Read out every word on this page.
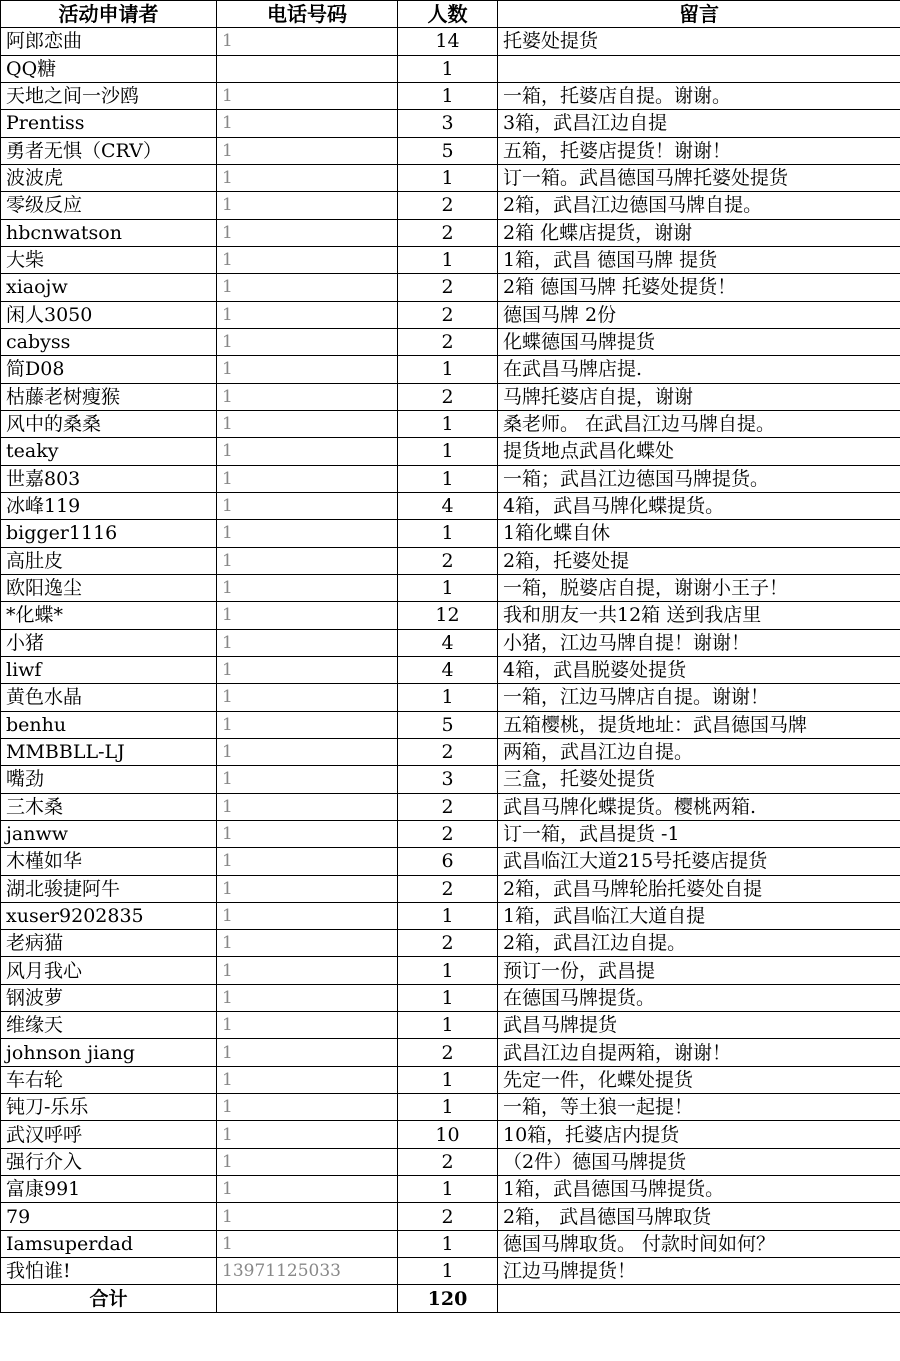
活动申请者	电话号码	人数	留言
阿郎恋曲	1	14	托婆处提货
QQ糖		1	
天地之间一沙鸥	1	1	一箱，托婆店自提。谢谢。
Prentiss	1	3	3箱，武昌江边自提
勇者无惧（CRV）	1	5	五箱，托婆店提货！谢谢！
波波虎	1	1	订一箱。武昌德国马牌托婆处提货
零级反应	1	2	2箱，武昌江边德国马牌自提。
hbcnwatson	1	2	2箱 化蝶店提货，谢谢
大柴	1	1	1箱，武昌 德国马牌 提货
xiaojw	1	2	2箱 德国马牌 托婆处提货！
闲人3050	1	2	德国马牌 2份
cabyss	1	2	化蝶德国马牌提货
简D08	1	1	在武昌马牌店提.
枯藤老树瘦猴	1	2	马牌托婆店自提，谢谢
风中的桑桑	1	1	桑老师。 在武昌江边马牌自提。
teaky	1	1	提货地点武昌化蝶处
世嘉803	1	1	一箱；武昌江边德国马牌提货。
冰峰119	1	4	4箱，武昌马牌化蝶提货。
bigger1116	1	1	1箱化蝶自休
高肚皮	1	2	2箱，托婆处提
欧阳逸尘	1	1	一箱，脱婆店自提，谢谢小王子！
*化蝶*	1	12	我和朋友一共12箱 送到我店里
小猪	1	4	小猪，江边马牌自提！谢谢！
liwf	1	4	4箱，武昌脱婆处提货
黄色水晶	1	1	一箱，江边马牌店自提。谢谢！
benhu	1	5	五箱樱桃，提货地址：武昌德国马牌
MMBBLL-LJ	1	2	两箱，武昌江边自提。
嘴劲	1	3	三盒，托婆处提货
三木桑	1	2	武昌马牌化蝶提货。樱桃两箱.
janww	1	2	订一箱，武昌提货 -1
木槿如华	1	6	武昌临江大道215号托婆店提货
湖北骏捷阿牛	1	2	2箱，武昌马牌轮胎托婆处自提
xuser9202835	1	1	1箱，武昌临江大道自提
老病猫	1	2	2箱，武昌江边自提。
风月我心	1	1	预订一份，武昌提
钢波萝	1	1	在德国马牌提货。
维缘天	1	1	武昌马牌提货
johnson jiang	1	2	武昌江边自提两箱，谢谢！
车右轮	1	1	先定一件，化蝶处提货
钝刀-乐乐	1	1	一箱，等土狼一起提！
武汉呼呼	1	10	10箱，托婆店内提货
强行介入	1	2	（2件）德国马牌提货
富康991	1	1	1箱，武昌德国马牌提货。
79	1	2	2箱， 武昌德国马牌取货
Iamsuperdad	1	1	德国马牌取货。 付款时间如何？
我怕谁!	13971125033	1	江边马牌提货！
合计		120	
